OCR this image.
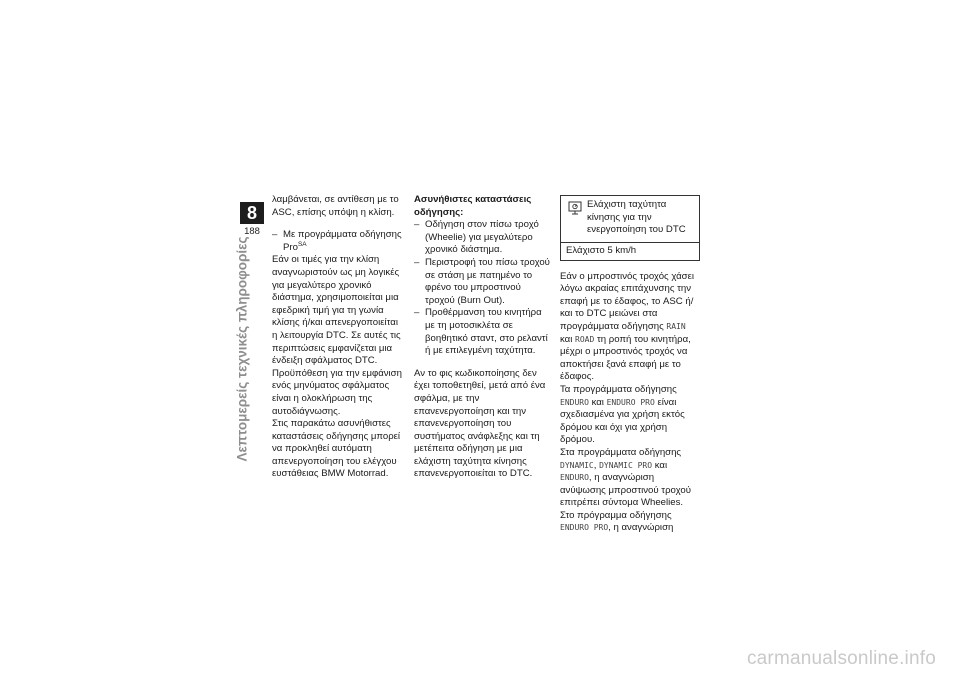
Λεπτομερείς τεχνικές πληροφορίες
8
188

λαμβάνεται, σε αντίθεση με το ASC, επίσης υπόψη η κλίση.

– Με προγράμματα οδήγησης Pro$^{SA}$

Εάν οι τιμές για την κλίση αναγνωριστούν ως μη λογικές για μεγαλύτερο χρονικό διάστημα, χρησιμοποιείται μια εφεδρική τιμή για τη γωνία κλίσης ή/και απενεργοποιείται η λειτουργία DTC. Σε αυτές τις περιπτώσεις εμφανίζεται μια ένδειξη σφάλματος DTC. Προϋπόθεση για την εμφάνιση ενός μηνύματος σφάλματος είναι η ολοκλήρωση της αυτοδιάγνωσης.

Στις παρακάτω ασυνήθιστες καταστάσεις οδήγησης μπορεί να προκληθεί αυτόματη απενεργοποίηση του ελέγχου ευστάθειας BMW Motorrad.

Ασυνήθιστες καταστάσεις οδήγησης:

– Οδήγηση στον πίσω τροχό (Wheelie) για μεγαλύτερο χρονικό διάστημα.

– Περιστροφή του πίσω τροχού σε στάση με πατημένο το φρένο του μπροστινού τροχού (Burn Out).

– Προθέρμανση του κινητήρα με τη μοτοσικλέτα σε βοηθητικό σταντ, στο ρελαντί ή με επιλεγμένη ταχύτητα.

Αν το φις κωδικοποίησης δεν έχει τοποθετηθεί, μετά από ένα σφάλμα, με την επανενεργοποίηση και την επανενεργοποίηση του συστήματος ανάφλεξης και τη μετέπειτα οδήγηση με μια ελάχιστη ταχύτητα κίνησης επανενεργοποιείται το DTC.

Ελάχιστη ταχύτητα κίνησης για την ενεργοποίηση του DTC
Ελάχιστο 5 km/h

Εάν ο μπροστινός τροχός χάσει λόγω ακραίας επιτάχυνσης την επαφή με το έδαφος, το ASC ή/και το DTC μειώνει στα προγράμματα οδήγησης RAIN και ROAD τη ροπή του κινητήρα, μέχρι ο μπροστινός τροχός να αποκτήσει ξανά επαφή με το έδαφος.

Τα προγράμματα οδήγησης ENDURO και ENDURO PRO είναι σχεδιασμένα για χρήση εκτός δρόμου και όχι για χρήση δρόμου.

Στα προγράμματα οδήγησης DYNAMIC, DYNAMIC PRO και ENDURO, η αναγνώριση ανύψωσης μπροστινού τροχού επιτρέπει σύντομα Wheelies.

Στο πρόγραμμα οδήγησης ENDURO PRO, η αναγνώριση

carmanualsonline.info
